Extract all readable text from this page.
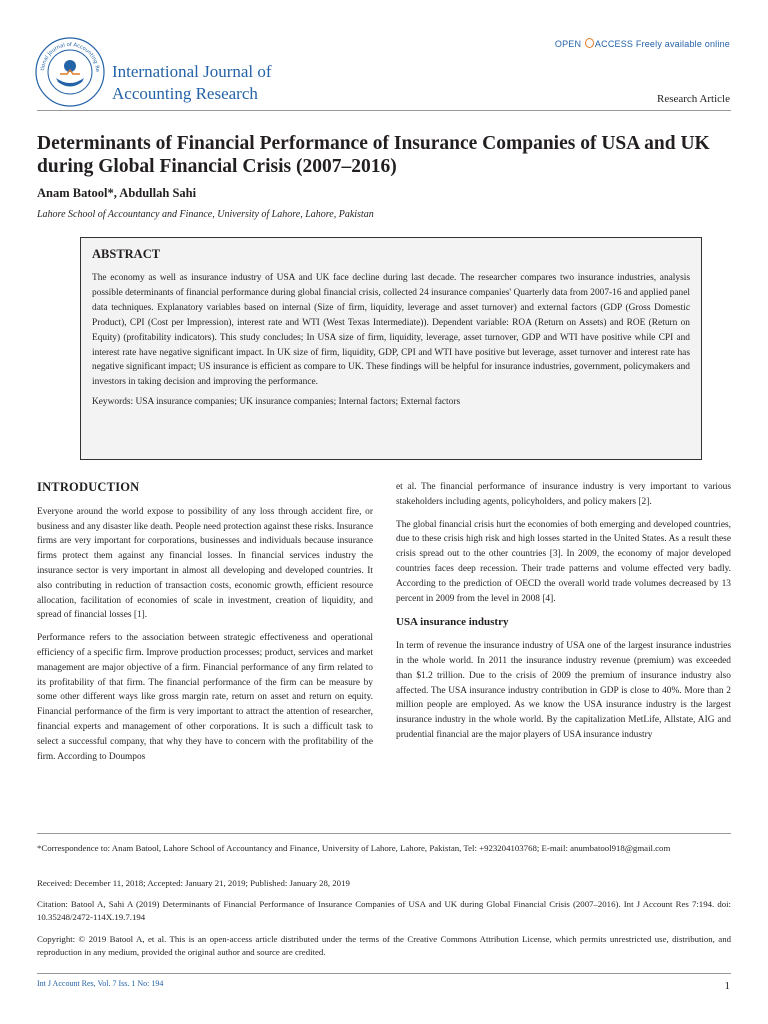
tional Journal of Accounting Re International Journal of
Accounting Research
OPEN ACCESS Freely available online
Research Article
Determinants of Financial Performance of Insurance Companies of USA and UK during Global Financial Crisis (2007–2016)
Anam Batool*, Abdullah Sahi
Lahore School of Accountancy and Finance, University of Lahore, Lahore, Pakistan
ABSTRACT

The economy as well as insurance industry of USA and UK face decline during last decade. The researcher compares two insurance industries, analysis possible determinants of financial performance during global financial crisis, collected 24 insurance companies' Quarterly data from 2007-16 and applied panel data techniques. Explanatory variables based on internal (Size of firm, liquidity, leverage and asset turnover) and external factors (GDP (Gross Domestic Product), CPI (Cost per Impression), interest rate and WTI (West Texas Intermediate)). Dependent variable: ROA (Return on Assets) and ROE (Return on Equity) (profitability indicators). This study concludes; In USA size of firm, liquidity, leverage, asset turnover, GDP and WTI have positive while CPI and interest rate have negative significant impact. In UK size of firm, liquidity, GDP, CPI and WTI have positive but leverage, asset turnover and interest rate has negative significant impact; US insurance is efficient as compare to UK. These findings will be helpful for insurance industries, government, policymakers and investors in taking decision and improving the performance.

Keywords: USA insurance companies; UK insurance companies; Internal factors; External factors

INTRODUCTION

Everyone around the world expose to possibility of any loss through accident fire, or business and any disaster like death. People need protection against these risks. Insurance firms are very important for corporations, businesses and individuals because insurance firms protect them against any financial losses. In financial services industry the insurance sector is very important in almost all developing and developed countries. It also contributing in reduction of transaction costs, economic growth, efficient resource allocation, facilitation of economies of scale in investment, creation of liquidity, and spread of financial losses [1].

Performance refers to the association between strategic effectiveness and operational efficiency of a specific firm. Improve production processes; product, services and market management are major objective of a firm. Financial performance of any firm related to its profitability of that firm. The financial performance of the firm can be measure by some other different ways like gross margin rate, return on asset and return on equity. Financial performance of the firm is very important to attract the attention of researcher, financial experts and management of other corporations. It is such a difficult task to select a successful company, that why they have to concern with the profitability of the firm. According to Doumpos

et al. The financial performance of insurance industry is very important to various stakeholders including agents, policyholders, and policy makers [2].

The global financial crisis hurt the economies of both emerging and developed countries, due to these crisis high risk and high losses started in the United States. As a result these crisis spread out to the other countries [3]. In 2009, the economy of major developed countries faces deep recession. Their trade patterns and volume effected very badly. According to the prediction of OECD the overall world trade volumes decreased by 13 percent in 2009 from the level in 2008 [4].

USA insurance industry

In term of revenue the insurance industry of USA one of the largest insurance industries in the whole world. In 2011 the insurance industry revenue (premium) was exceeded than $1.2 trillion. Due to the crisis of 2009 the premium of insurance industry also affected. The USA insurance industry contribution in GDP is close to 40%. More than 2 million people are employed. As we know the USA insurance industry is the largest insurance industry in the whole world. By the capitalization MetLife, Allstate, AIG and prudential financial are the major players of USA insurance industry

*Correspondence to: Anam Batool, Lahore School of Accountancy and Finance, University of Lahore, Lahore, Pakistan, Tel: +923204103768; E-mail: anumbatool918@gmail.com
Received: December 11, 2018; Accepted: January 21, 2019; Published: January 28, 2019
Citation: Batool A, Sahi A (2019) Determinants of Financial Performance of Insurance Companies of USA and UK during Global Financial Crisis (2007–2016). Int J Account Res 7:194. doi: 10.35248/2472-114X.19.7.194
Copyright: © 2019 Batool A, et al. This is an open-access article distributed under the terms of the Creative Commons Attribution License, which permits unrestricted use, distribution, and reproduction in any medium, provided the original author and source are credited.
Int J Account Res, Vol. 7 Iss. 1 No: 194	1
